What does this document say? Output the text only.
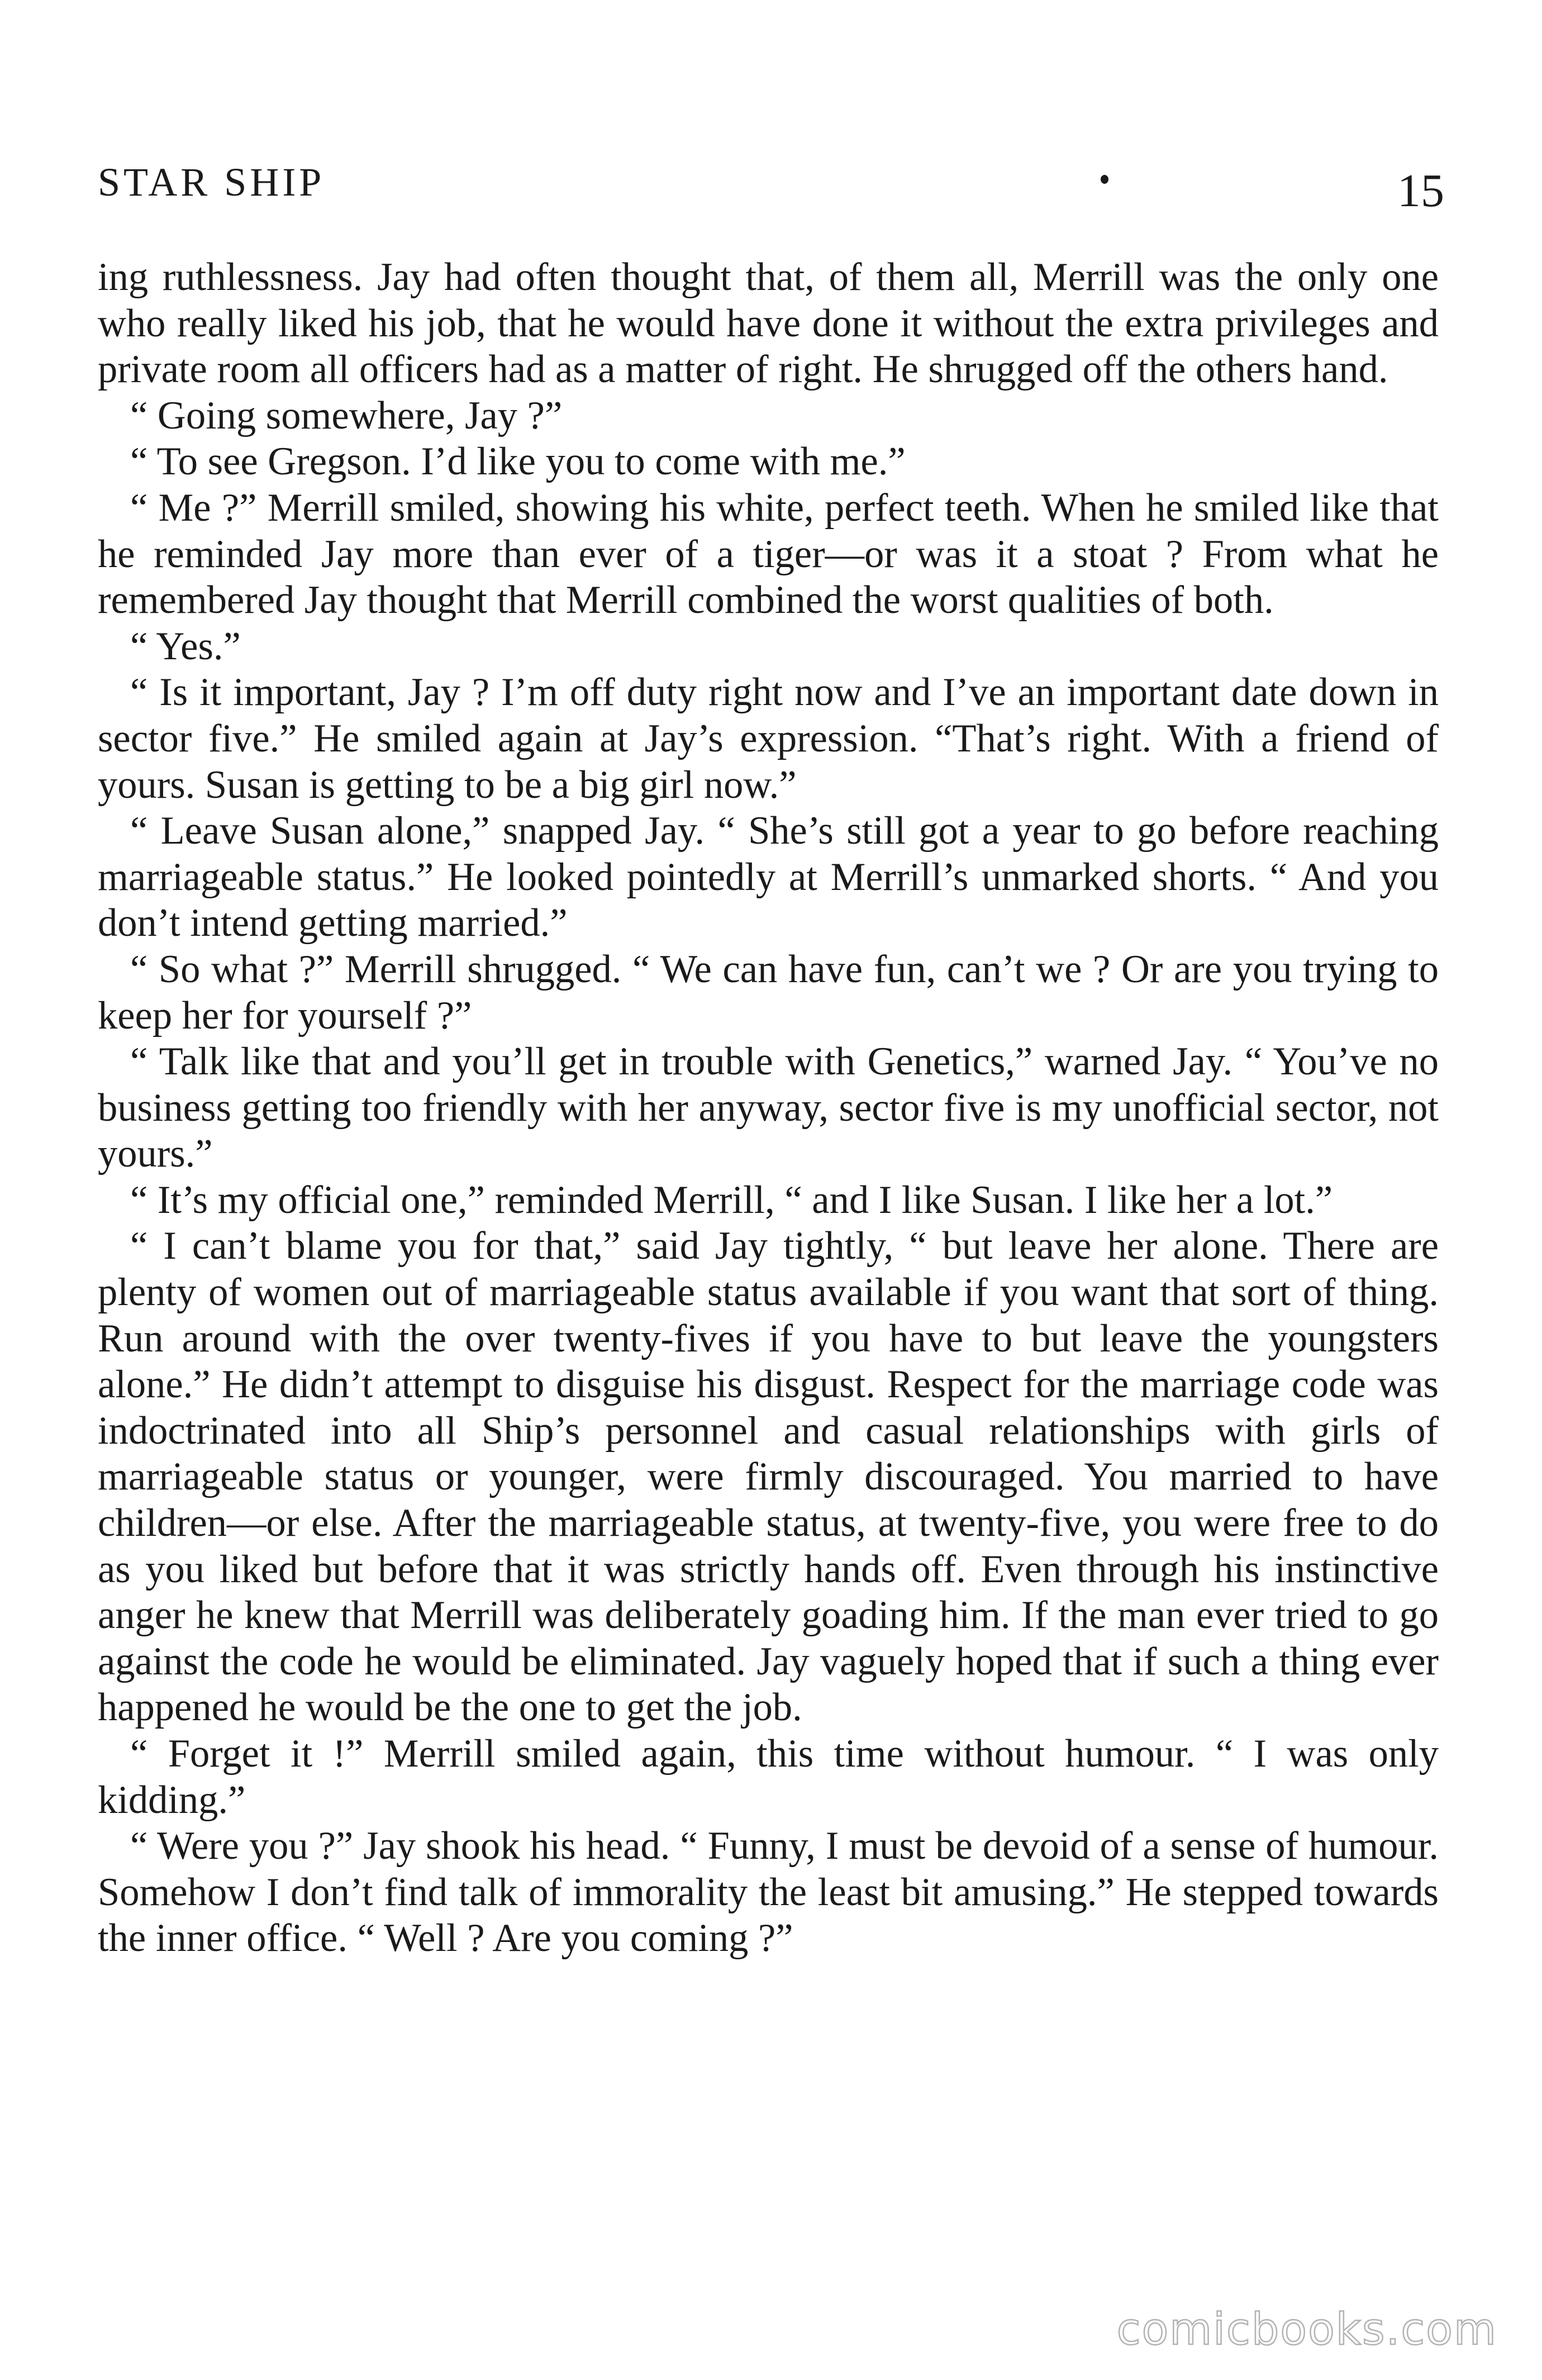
STAR SHIP	15

ing ruthlessness. Jay had often thought that, of them all, Merrill was the only one who really liked his job, that he would have done it without the extra privileges and private room all officers had as a matter of right. He shrugged off the others hand.

“ Going somewhere, Jay ?”

“ To see Gregson. I’d like you to come with me.”

“ Me ?” Merrill smiled, showing his white, perfect teeth. When he smiled like that he reminded Jay more than ever of a tiger—or was it a stoat ? From what he remembered Jay thought that Merrill combined the worst qualities of both.

“ Yes.”

“ Is it important, Jay ? I’m off duty right now and I’ve an important date down in sector five.” He smiled again at Jay’s expression. “That’s right. With a friend of yours. Susan is getting to be a big girl now.”

“ Leave Susan alone,” snapped Jay. “ She’s still got a year to go before reaching marriageable status.” He looked pointedly at Merrill’s unmarked shorts. “ And you don’t intend getting married.”

“ So what ?” Merrill shrugged. “ We can have fun, can’t we ? Or are you trying to keep her for yourself ?”

“ Talk like that and you’ll get in trouble with Genetics,” warned Jay. “ You’ve no business getting too friendly with her anyway, sector five is my unofficial sector, not yours.”

“ It’s my official one,” reminded Merrill, “ and I like Susan. I like her a lot.”

“ I can’t blame you for that,” said Jay tightly, “ but leave her alone. There are plenty of women out of marriageable status available if you want that sort of thing. Run around with the over twenty-fives if you have to but leave the youngsters alone.” He didn’t attempt to disguise his disgust. Respect for the marriage code was indoctrinated into all Ship’s personnel and casual relationships with girls of marriageable status or younger, were firmly discouraged. You married to have children—or else. After the marriageable status, at twenty-five, you were free to do as you liked but before that it was strictly hands off. Even through his instinctive anger he knew that Merrill was deliberately goading him. If the man ever tried to go against the code he would be eliminated. Jay vaguely hoped that if such a thing ever happened he would be the one to get the job.

“ Forget it !” Merrill smiled again, this time without humour. “ I was only kidding.”

“ Were you ?” Jay shook his head. “ Funny, I must be devoid of a sense of humour. Somehow I don’t find talk of immorality the least bit amusing.” He stepped towards the inner office. “ Well ? Are you coming ?”

comicbooks.com
